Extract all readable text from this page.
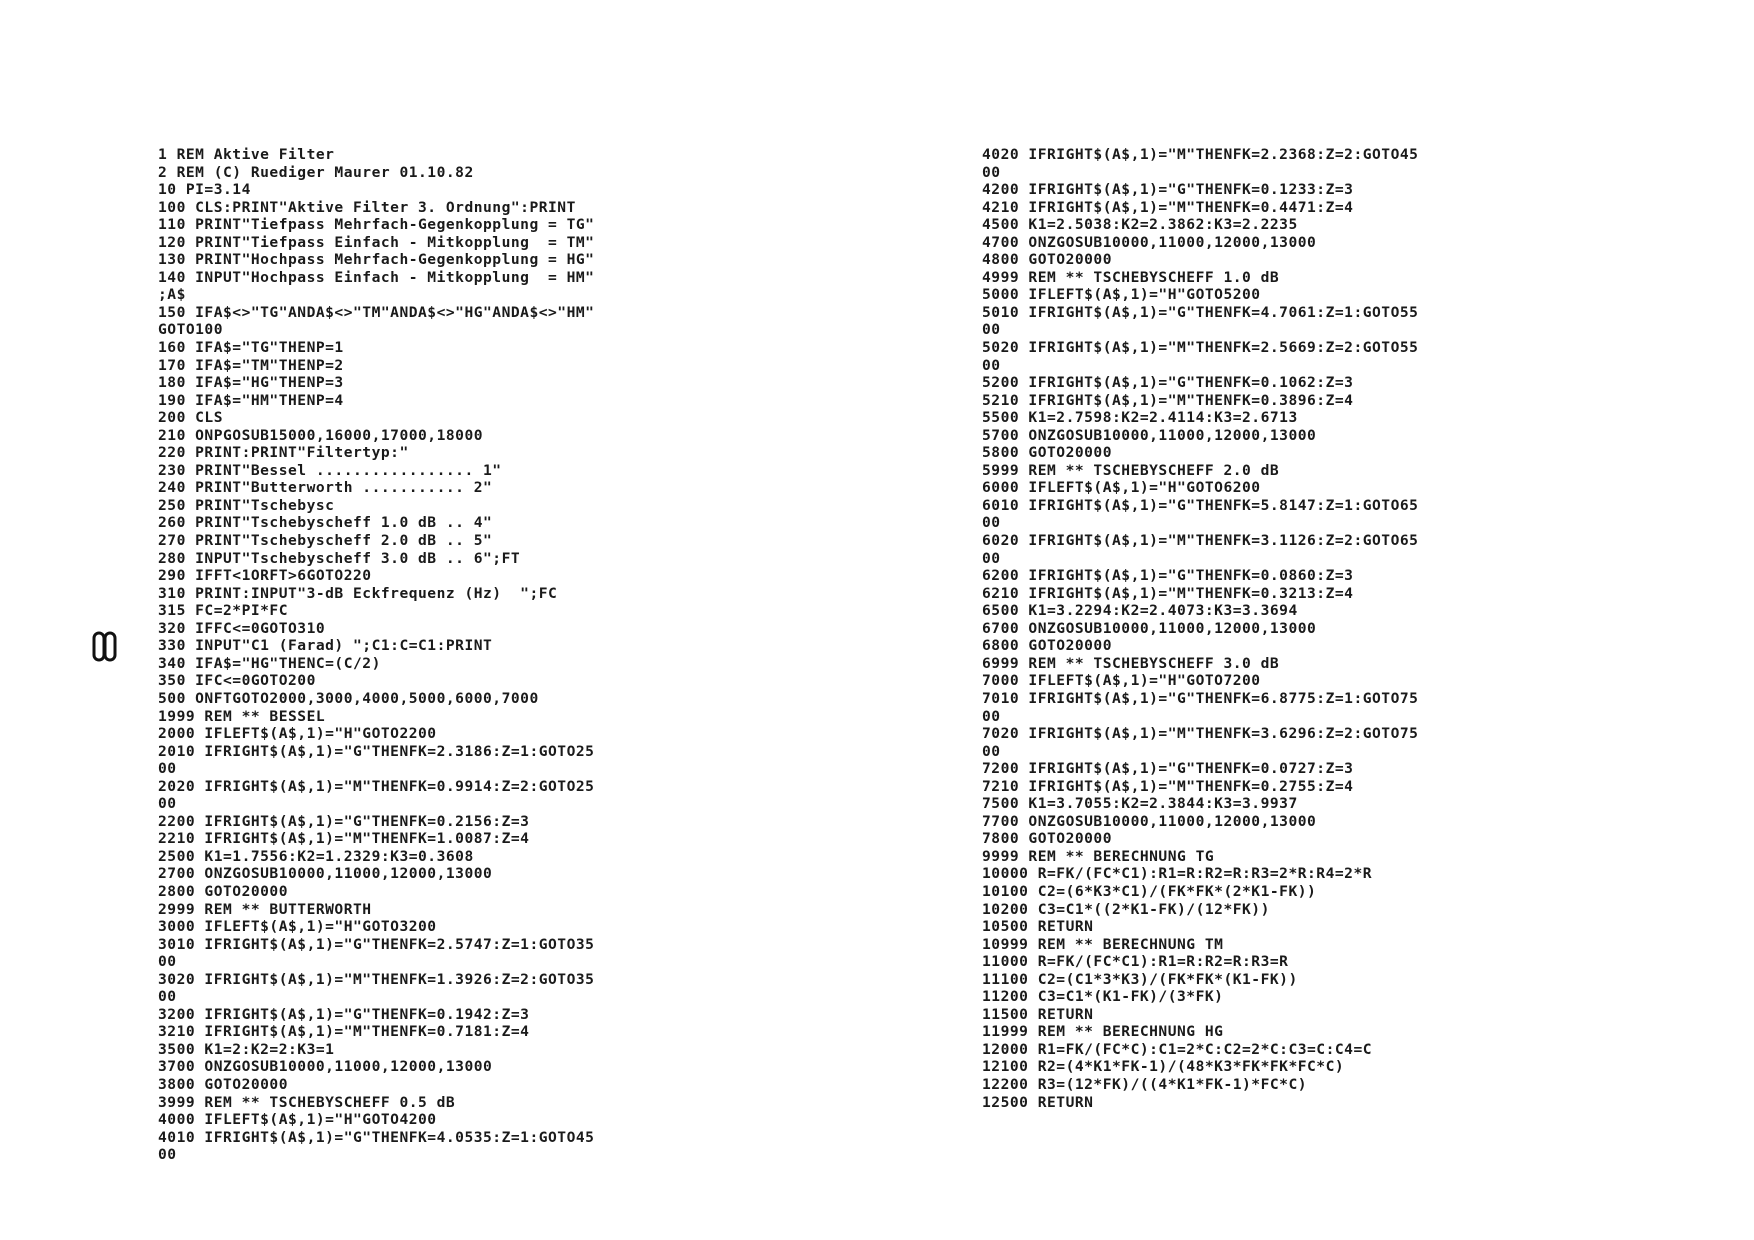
1 REM Aktive Filter
2 REM (C) Ruediger Maurer 01.10.82
10 PI=3.14
100 CLS:PRINT"Aktive Filter 3. Ordnung":PRINT
110 PRINT"Tiefpass Mehrfach-Gegenkopplung = TG"
120 PRINT"Tiefpass Einfach - Mitkopplung  = TM"
130 PRINT"Hochpass Mehrfach-Gegenkopplung = HG"
140 INPUT"Hochpass Einfach - Mitkopplung  = HM"
;A$
150 IFA$<>"TG"ANDA$<>"TM"ANDA$<>"HG"ANDA$<>"HM"
GOTO100
160 IFA$="TG"THENP=1
170 IFA$="TM"THENP=2
180 IFA$="HG"THENP=3
190 IFA$="HM"THENP=4
200 CLS
210 ONPGOSUB15000,16000,17000,18000
220 PRINT:PRINT"Filtertyp:"
230 PRINT"Bessel ................. 1"
240 PRINT"Butterworth ........... 2"
250 PRINT"Tschebysc
260 PRINT"Tschebyscheff 1.0 dB .. 4"
270 PRINT"Tschebyscheff 2.0 dB .. 5"
280 INPUT"Tschebyscheff 3.0 dB .. 6";FT
290 IFFT<1ORFT>6GOTO220
310 PRINT:INPUT"3-dB Eckfrequenz (Hz)  ";FC
315 FC=2*PI*FC
320 IFFC<=0GOTO310
330 INPUT"C1 (Farad) ";C1:C=C1:PRINT
340 IFA$="HG"THENC=(C/2)
350 IFC<=0GOTO200
500 ONFTGOTO2000,3000,4000,5000,6000,7000
1999 REM ** BESSEL
2000 IFLEFT$(A$,1)="H"GOTO2200
2010 IFRIGHT$(A$,1)="G"THENFK=2.3186:Z=1:GOTO25
00
2020 IFRIGHT$(A$,1)="M"THENFK=0.9914:Z=2:GOTO25
00
2200 IFRIGHT$(A$,1)="G"THENFK=0.2156:Z=3
2210 IFRIGHT$(A$,1)="M"THENFK=1.0087:Z=4
2500 K1=1.7556:K2=1.2329:K3=0.3608
2700 ONZGOSUB10000,11000,12000,13000
2800 GOTO20000
2999 REM ** BUTTERWORTH
3000 IFLEFT$(A$,1)="H"GOTO3200
3010 IFRIGHT$(A$,1)="G"THENFK=2.5747:Z=1:GOTO35
00
3020 IFRIGHT$(A$,1)="M"THENFK=1.3926:Z=2:GOTO35
00
3200 IFRIGHT$(A$,1)="G"THENFK=0.1942:Z=3
3210 IFRIGHT$(A$,1)="M"THENFK=0.7181:Z=4
3500 K1=2:K2=2:K3=1
3700 ONZGOSUB10000,11000,12000,13000
3800 GOTO20000
3999 REM ** TSCHEBYSCHEFF 0.5 dB
4000 IFLEFT$(A$,1)="H"GOTO4200
4010 IFRIGHT$(A$,1)="G"THENFK=4.0535:Z=1:GOTO45
00
4020 IFRIGHT$(A$,1)="M"THENFK=2.2368:Z=2:GOTO45
00
4200 IFRIGHT$(A$,1)="G"THENFK=0.1233:Z=3
4210 IFRIGHT$(A$,1)="M"THENFK=0.4471:Z=4
4500 K1=2.5038:K2=2.3862:K3=2.2235
4700 ONZGOSUB10000,11000,12000,13000
4800 GOTO20000
4999 REM ** TSCHEBYSCHEFF 1.0 dB
5000 IFLEFT$(A$,1)="H"GOTO5200
5010 IFRIGHT$(A$,1)="G"THENFK=4.7061:Z=1:GOTO55
00
5020 IFRIGHT$(A$,1)="M"THENFK=2.5669:Z=2:GOTO55
00
5200 IFRIGHT$(A$,1)="G"THENFK=0.1062:Z=3
5210 IFRIGHT$(A$,1)="M"THENFK=0.3896:Z=4
5500 K1=2.7598:K2=2.4114:K3=2.6713
5700 ONZGOSUB10000,11000,12000,13000
5800 GOTO20000
5999 REM ** TSCHEBYSCHEFF 2.0 dB
6000 IFLEFT$(A$,1)="H"GOTO6200
6010 IFRIGHT$(A$,1)="G"THENFK=5.8147:Z=1:GOTO65
00
6020 IFRIGHT$(A$,1)="M"THENFK=3.1126:Z=2:GOTO65
00
6200 IFRIGHT$(A$,1)="G"THENFK=0.0860:Z=3
6210 IFRIGHT$(A$,1)="M"THENFK=0.3213:Z=4
6500 K1=3.2294:K2=2.4073:K3=3.3694
6700 ONZGOSUB10000,11000,12000,13000
6800 GOTO20000
6999 REM ** TSCHEBYSCHEFF 3.0 dB
7000 IFLEFT$(A$,1)="H"GOTO7200
7010 IFRIGHT$(A$,1)="G"THENFK=6.8775:Z=1:GOTO75
00
7020 IFRIGHT$(A$,1)="M"THENFK=3.6296:Z=2:GOTO75
00
7200 IFRIGHT$(A$,1)="G"THENFK=0.0727:Z=3
7210 IFRIGHT$(A$,1)="M"THENFK=0.2755:Z=4
7500 K1=3.7055:K2=2.3844:K3=3.9937
7700 ONZGOSUB10000,11000,12000,13000
7800 GOTO20000
9999 REM ** BERECHNUNG TG
10000 R=FK/(FC*C1):R1=R:R2=R:R3=2*R:R4=2*R
10100 C2=(6*K3*C1)/(FK*FK*(2*K1-FK))
10200 C3=C1*((2*K1-FK)/(12*FK))
10500 RETURN
10999 REM ** BERECHNUNG TM
11000 R=FK/(FC*C1):R1=R:R2=R:R3=R
11100 C2=(C1*3*K3)/(FK*FK*(K1-FK))
11200 C3=C1*(K1-FK)/(3*FK)
11500 RETURN
11999 REM ** BERECHNUNG HG
12000 R1=FK/(FC*C):C1=2*C:C2=2*C:C3=C:C4=C
12100 R2=(4*K1*FK-1)/(48*K3*FK*FK*FC*C)
12200 R3=(12*FK)/((4*K1*FK-1)*FC*C)
12500 RETURN
